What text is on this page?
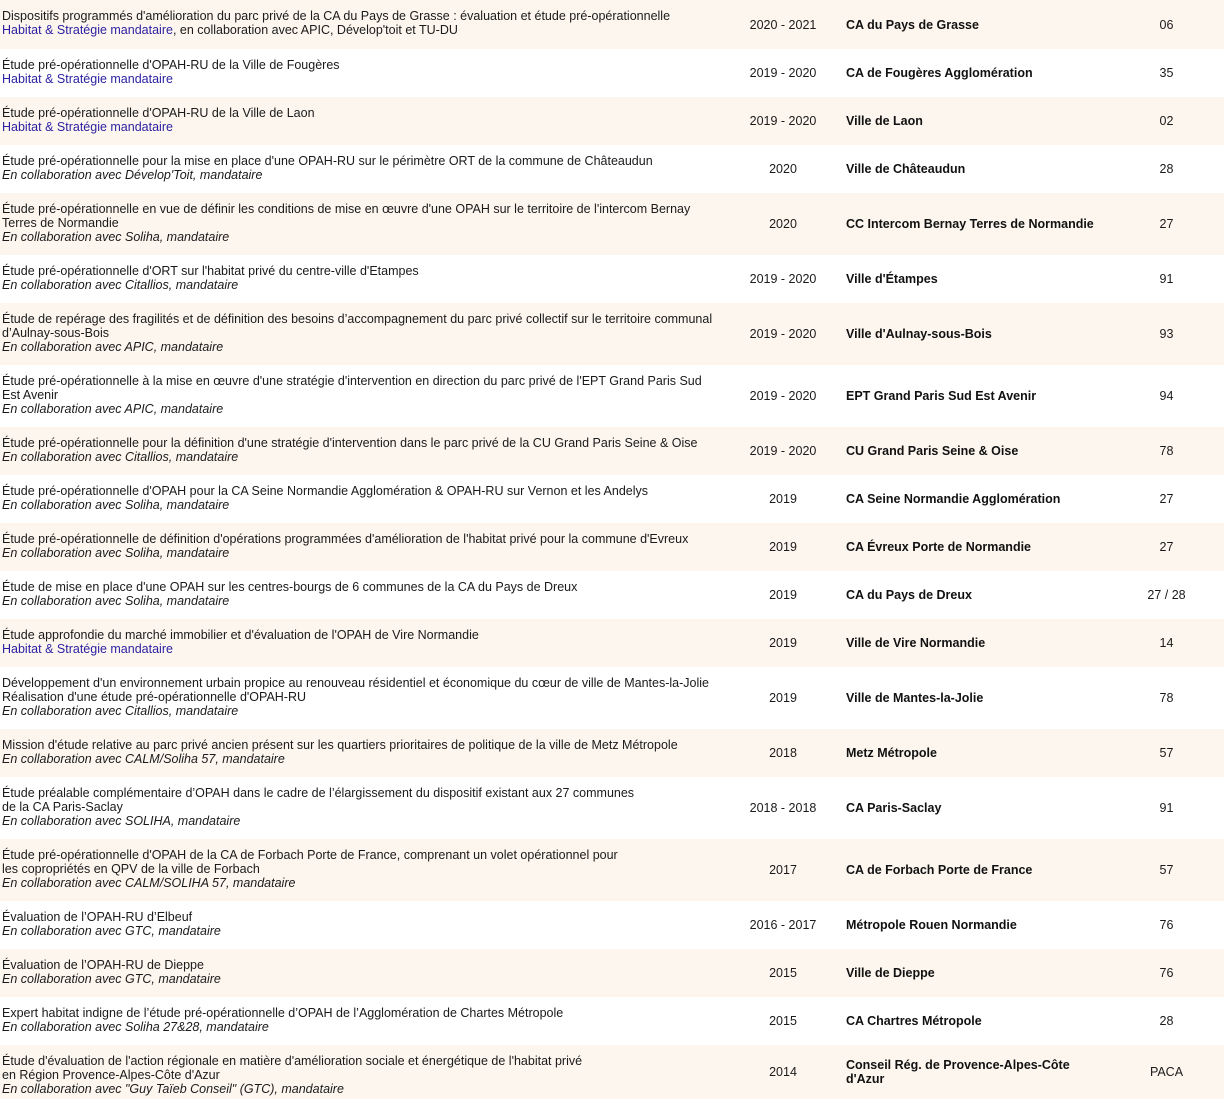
Dispositifs programmés d'amélioration du parc privé de la CA du Pays de Grasse : évaluation et étude pré-opérationnelle
Habitat & Stratégie mandataire, en collaboration avec APIC, Dévelop'toit et TU-DU	2020 - 2021	CA du Pays de Grasse	06

Étude pré-opérationnelle d'OPAH-RU de la Ville de Fougères
Habitat & Stratégie mandataire	2019 - 2020	CA de Fougères Agglomération	35

Étude pré-opérationnelle d'OPAH-RU de la Ville de Laon
Habitat & Stratégie mandataire	2019 - 2020	Ville de Laon	02

Étude pré-opérationnelle pour la mise en place d'une OPAH-RU sur le périmètre ORT de la commune de Châteaudun
En collaboration avec Dévelop'Toit, mandataire	2020	Ville de Châteaudun	28

Étude pré-opérationnelle en vue de définir les conditions de mise en œuvre d'une OPAH sur le territoire de l'intercom Bernay
Terres de Normandie
En collaboration avec Soliha, mandataire	2020	CC Intercom Bernay Terres de Normandie	27

Étude pré-opérationnelle d'ORT sur l'habitat privé du centre-ville d'Etampes
En collaboration avec Citallios, mandataire	2019 - 2020	Ville d'Étampes	91

Étude de repérage des fragilités et de définition des besoins d’accompagnement du parc privé collectif sur le territoire communal
d’Aulnay-sous-Bois
En collaboration avec APIC, mandataire	2019 - 2020	Ville d'Aulnay-sous-Bois	93

Étude pré-opérationnelle à la mise en œuvre d'une stratégie d'intervention en direction du parc privé de l'EPT Grand Paris Sud
Est Avenir
En collaboration avec APIC, mandataire	2019 - 2020	EPT Grand Paris Sud Est Avenir	94

Étude pré-opérationnelle pour la définition d'une stratégie d'intervention dans le parc privé de la CU Grand Paris Seine & Oise
En collaboration avec Citallios, mandataire	2019 - 2020	CU Grand Paris Seine & Oise	78

Étude pré-opérationnelle d'OPAH pour la CA Seine Normandie Agglomération & OPAH-RU sur Vernon et les Andelys
En collaboration avec Soliha, mandataire	2019	CA Seine Normandie Agglomération	27

Étude pré-opérationnelle de définition d'opérations programmées d'amélioration de l'habitat privé pour la commune d'Evreux
En collaboration avec Soliha, mandataire	2019	CA Évreux Porte de Normandie	27

Étude de mise en place d'une OPAH sur les centres-bourgs de 6 communes de la CA du Pays de Dreux
En collaboration avec Soliha, mandataire	2019	CA du Pays de Dreux	27 / 28

Étude approfondie du marché immobilier et d'évaluation de l'OPAH de Vire Normandie
Habitat & Stratégie mandataire	2019	Ville de Vire Normandie	14

Développement d'un environnement urbain propice au renouveau résidentiel et économique du cœur de ville de Mantes-la-Jolie
Réalisation d'une étude pré-opérationnelle d'OPAH-RU
En collaboration avec Citallios, mandataire	2019	Ville de Mantes-la-Jolie	78

Mission d'étude relative au parc privé ancien présent sur les quartiers prioritaires de politique de la ville de Metz Métropole
En collaboration avec CALM/Soliha 57, mandataire	2018	Metz Métropole	57

Étude préalable complémentaire d’OPAH dans le cadre de l’élargissement du dispositif existant aux 27 communes
de la CA Paris-Saclay
En collaboration avec SOLIHA, mandataire	2018 - 2018	CA Paris-Saclay	91

Étude pré-opérationnelle d'OPAH de la CA de Forbach Porte de France, comprenant un volet opérationnel pour
les copropriétés en QPV de la ville de Forbach
En collaboration avec CALM/SOLIHA 57, mandataire	2017	CA de Forbach Porte de France	57

Évaluation de l’OPAH-RU d’Elbeuf
En collaboration avec GTC, mandataire	2016 - 2017	Métropole Rouen Normandie	76

Évaluation de l’OPAH-RU de Dieppe
En collaboration avec GTC, mandataire	2015	Ville de Dieppe	76

Expert habitat indigne de l’étude pré-opérationnelle d’OPAH de l’Agglomération de Chartes Métropole
En collaboration avec Soliha 27&28, mandataire	2015	CA Chartres Métropole	28

Étude d'évaluation de l'action régionale en matière d'amélioration sociale et énergétique de l'habitat privé
en Région Provence-Alpes-Côte d'Azur
En collaboration avec "Guy Taïeb Conseil" (GTC), mandataire	2014	Conseil Rég. de Provence-Alpes-Côte d'Azur	PACA
